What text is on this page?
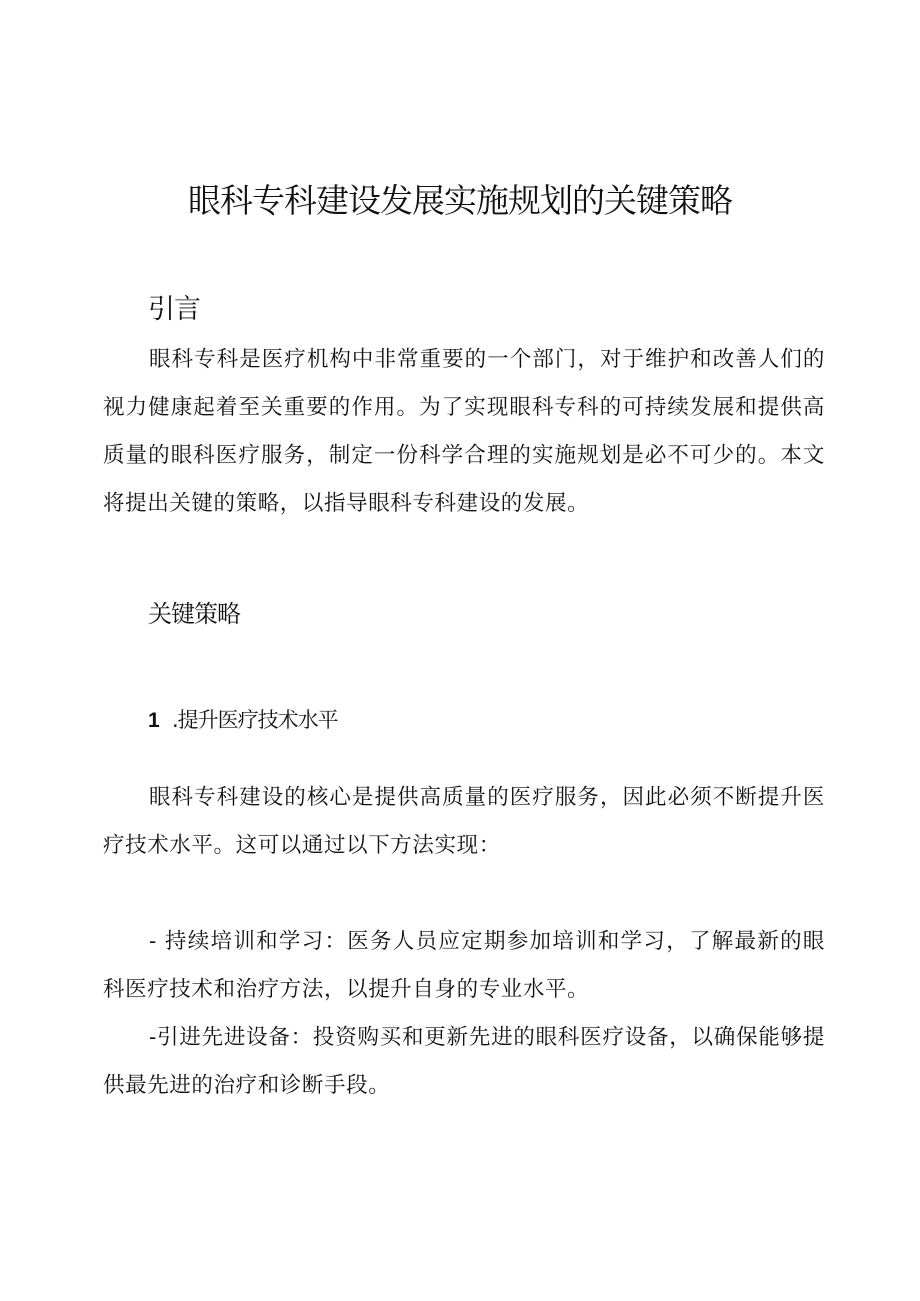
眼科专科建设发展实施规划的关键策略
引言

眼科专科是医疗机构中非常重要的一个部门，对于维护和改善人们的视力健康起着至关重要的作用。为了实现眼科专科的可持续发展和提供高质量的眼科医疗服务，制定一份科学合理的实施规划是必不可少的。本文将提出关键的策略，以指导眼科专科建设的发展。

关键策略
1 .提升医疗技术水平

眼科专科建设的核心是提供高质量的医疗服务，因此必须不断提升医疗技术水平。这可以通过以下方法实现：

- 持续培训和学习：医务人员应定期参加培训和学习，了解最新的眼科医疗技术和治疗方法，以提升自身的专业水平。

-引进先进设备：投资购买和更新先进的眼科医疗设备，以确保能够提供最先进的治疗和诊断手段。
